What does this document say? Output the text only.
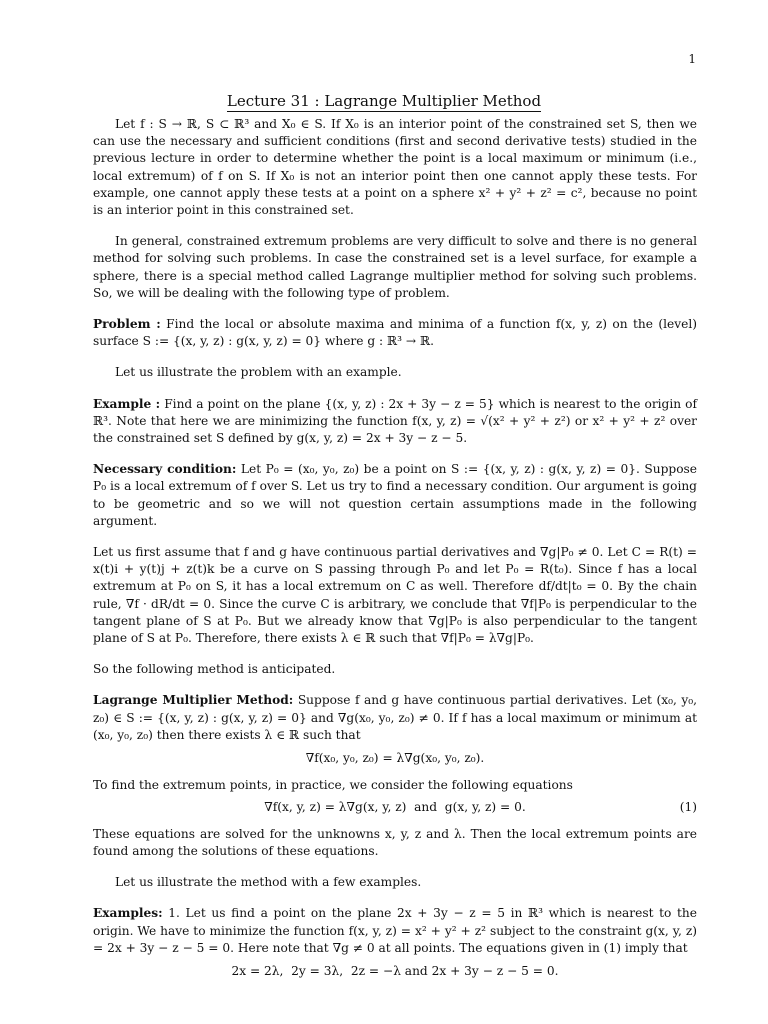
1
Lecture 31 : Lagrange Multiplier Method

Let f : S → ℝ, S ⊂ ℝ³ and X₀ ∈ S. If X₀ is an interior point of the constrained set S, then we can use the necessary and sufficient conditions (first and second derivative tests) studied in the previous lecture in order to determine whether the point is a local maximum or minimum (i.e., local extremum) of f on S. If X₀ is not an interior point then one cannot apply these tests. For example, one cannot apply these tests at a point on a sphere x² + y² + z² = c², because no point is an interior point in this constrained set.

In general, constrained extremum problems are very difficult to solve and there is no general method for solving such problems. In case the constrained set is a level surface, for example a sphere, there is a special method called Lagrange multiplier method for solving such problems. So, we will be dealing with the following type of problem.

Problem : Find the local or absolute maxima and minima of a function f(x, y, z) on the (level) surface S := {(x, y, z) : g(x, y, z) = 0} where g : ℝ³ → ℝ.

Let us illustrate the problem with an example.

Example : Find a point on the plane {(x, y, z) : 2x + 3y − z = 5} which is nearest to the origin of ℝ³. Note that here we are minimizing the function f(x, y, z) = √(x² + y² + z²) or x² + y² + z² over the constrained set S defined by g(x, y, z) = 2x + 3y − z − 5.

Necessary condition: Let P₀ = (x₀, y₀, z₀) be a point on S := {(x, y, z) : g(x, y, z) = 0}. Suppose P₀ is a local extremum of f over S. Let us try to find a necessary condition. Our argument is going to be geometric and so we will not question certain assumptions made in the following argument.

Let us first assume that f and g have continuous partial derivatives and ∇g|P₀ ≠ 0. Let C = R(t) = x(t)i + y(t)j + z(t)k be a curve on S passing through P₀ and let P₀ = R(t₀). Since f has a local extremum at P₀ on S, it has a local extremum on C as well. Therefore df/dt|t₀ = 0. By the chain rule, ∇f · dR/dt = 0. Since the curve C is arbitrary, we conclude that ∇f|P₀ is perpendicular to the tangent plane of S at P₀. But we already know that ∇g|P₀ is also perpendicular to the tangent plane of S at P₀. Therefore, there exists λ ∈ ℝ such that ∇f|P₀ = λ∇g|P₀.

So the following method is anticipated.

Lagrange Multiplier Method: Suppose f and g have continuous partial derivatives. Let (x₀, y₀, z₀) ∈ S := {(x, y, z) : g(x, y, z) = 0} and ∇g(x₀, y₀, z₀) ≠ 0. If f has a local maximum or minimum at (x₀, y₀, z₀) then there exists λ ∈ ℝ such that

∇f(x₀, y₀, z₀) = λ∇g(x₀, y₀, z₀).

To find the extremum points, in practice, we consider the following equations

∇f(x, y, z) = λ∇g(x, y, z)  and  g(x, y, z) = 0.	(1)

These equations are solved for the unknowns x, y, z and λ. Then the local extremum points are found among the solutions of these equations.

Let us illustrate the method with a few examples.

Examples: 1. Let us find a point on the plane 2x + 3y − z = 5 in ℝ³ which is nearest to the origin. We have to minimize the function f(x, y, z) = x² + y² + z² subject to the constraint g(x, y, z) = 2x + 3y − z − 5 = 0. Here note that ∇g ≠ 0 at all points. The equations given in (1) imply that

2x = 2λ,  2y = 3λ,  2z = −λ and 2x + 3y − z − 5 = 0.
